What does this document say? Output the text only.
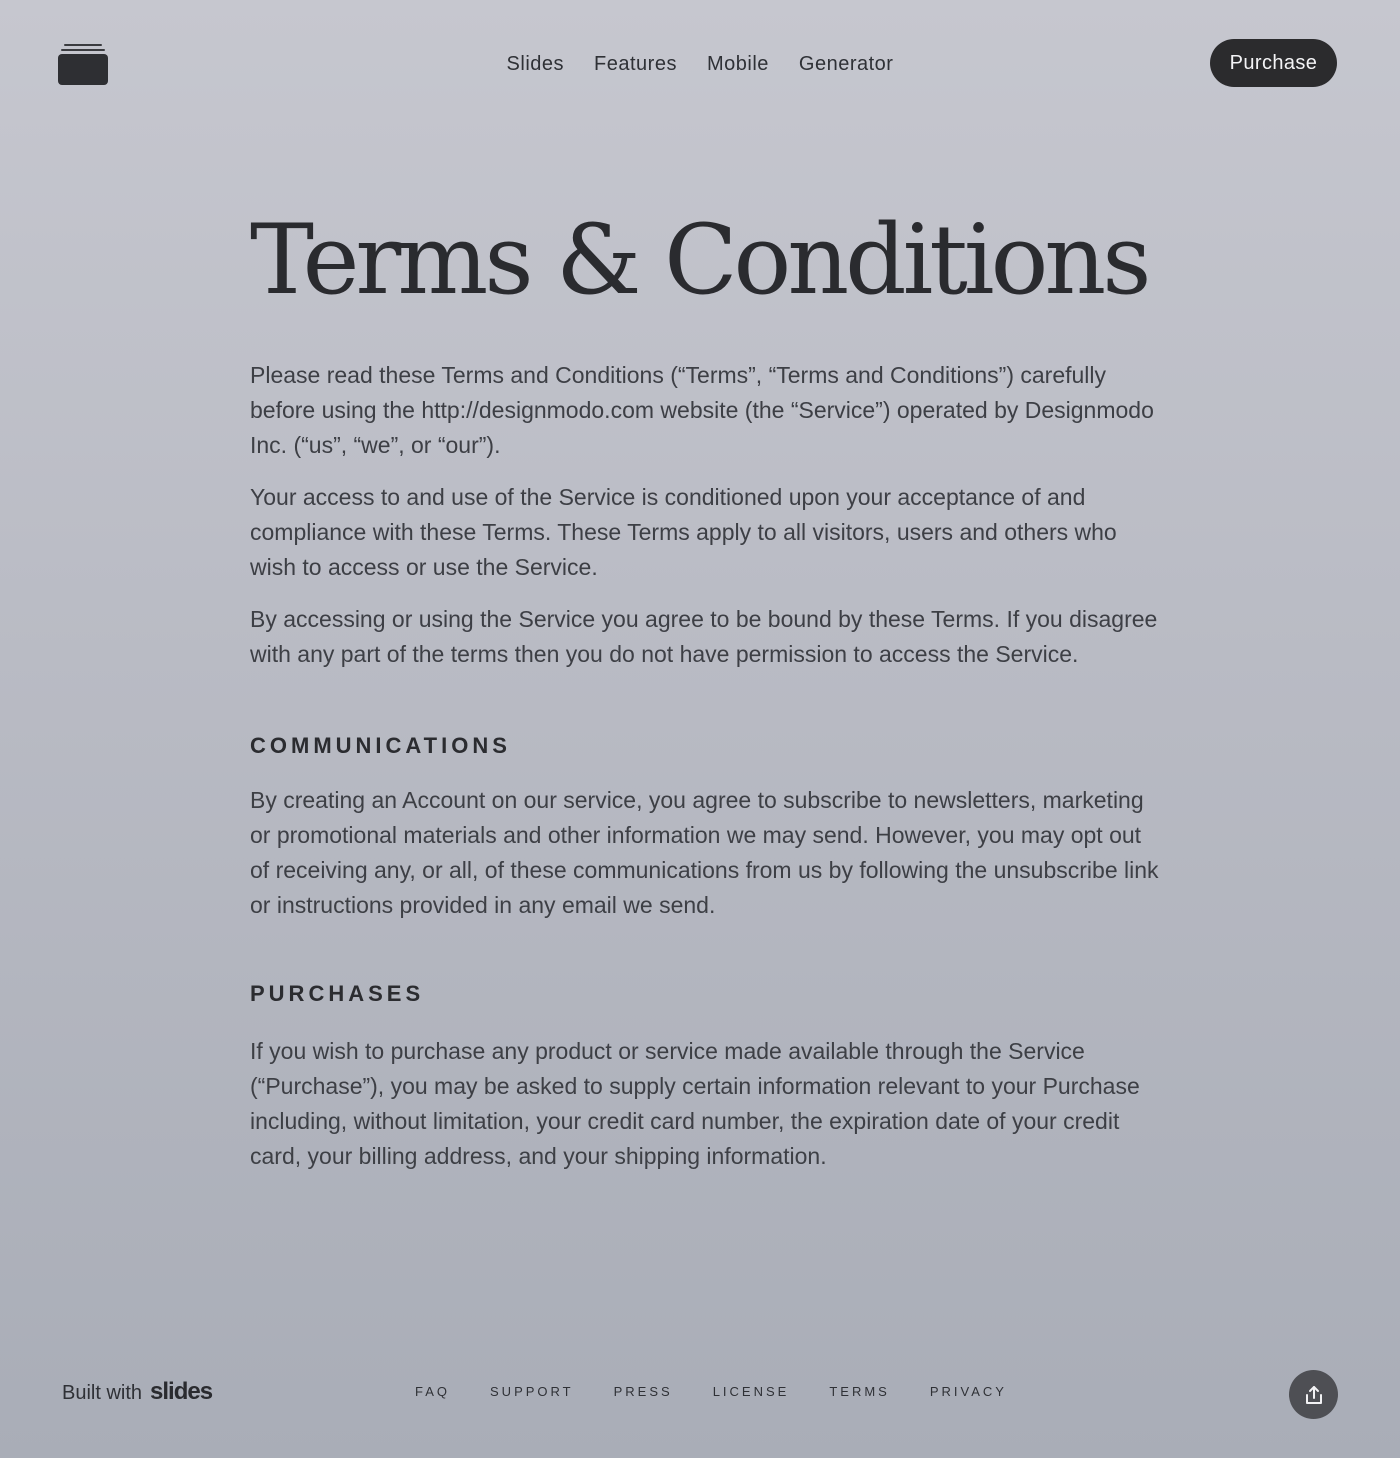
Slides Features Mobile Generator	Purchase
Terms & Conditions

Please read these Terms and Conditions (“Terms”, “Terms and Conditions”) carefully before using the http://designmodo.com website (the “Service”) operated by Designmodo Inc. (“us”, “we”, or “our”).

Your access to and use of the Service is conditioned upon your acceptance of and compliance with these Terms. These Terms apply to all visitors, users and others who wish to access or use the Service.

By accessing or using the Service you agree to be bound by these Terms. If you disagree with any part of the terms then you do not have permission to access the Service.

COMMUNICATIONS

By creating an Account on our service, you agree to subscribe to newsletters, marketing or promotional materials and other information we may send. However, you may opt out of receiving any, or all, of these communications from us by following the unsubscribe link or instructions provided in any email we send.

PURCHASES

If you wish to purchase any product or service made available through the Service (“Purchase”), you may be asked to supply certain information relevant to your Purchase including, without limitation, your credit card number, the expiration date of your credit card, your billing address, and your shipping information.

Built with slides	FAQ	SUPPORT	PRESS	LICENSE	TERMS	PRIVACY
